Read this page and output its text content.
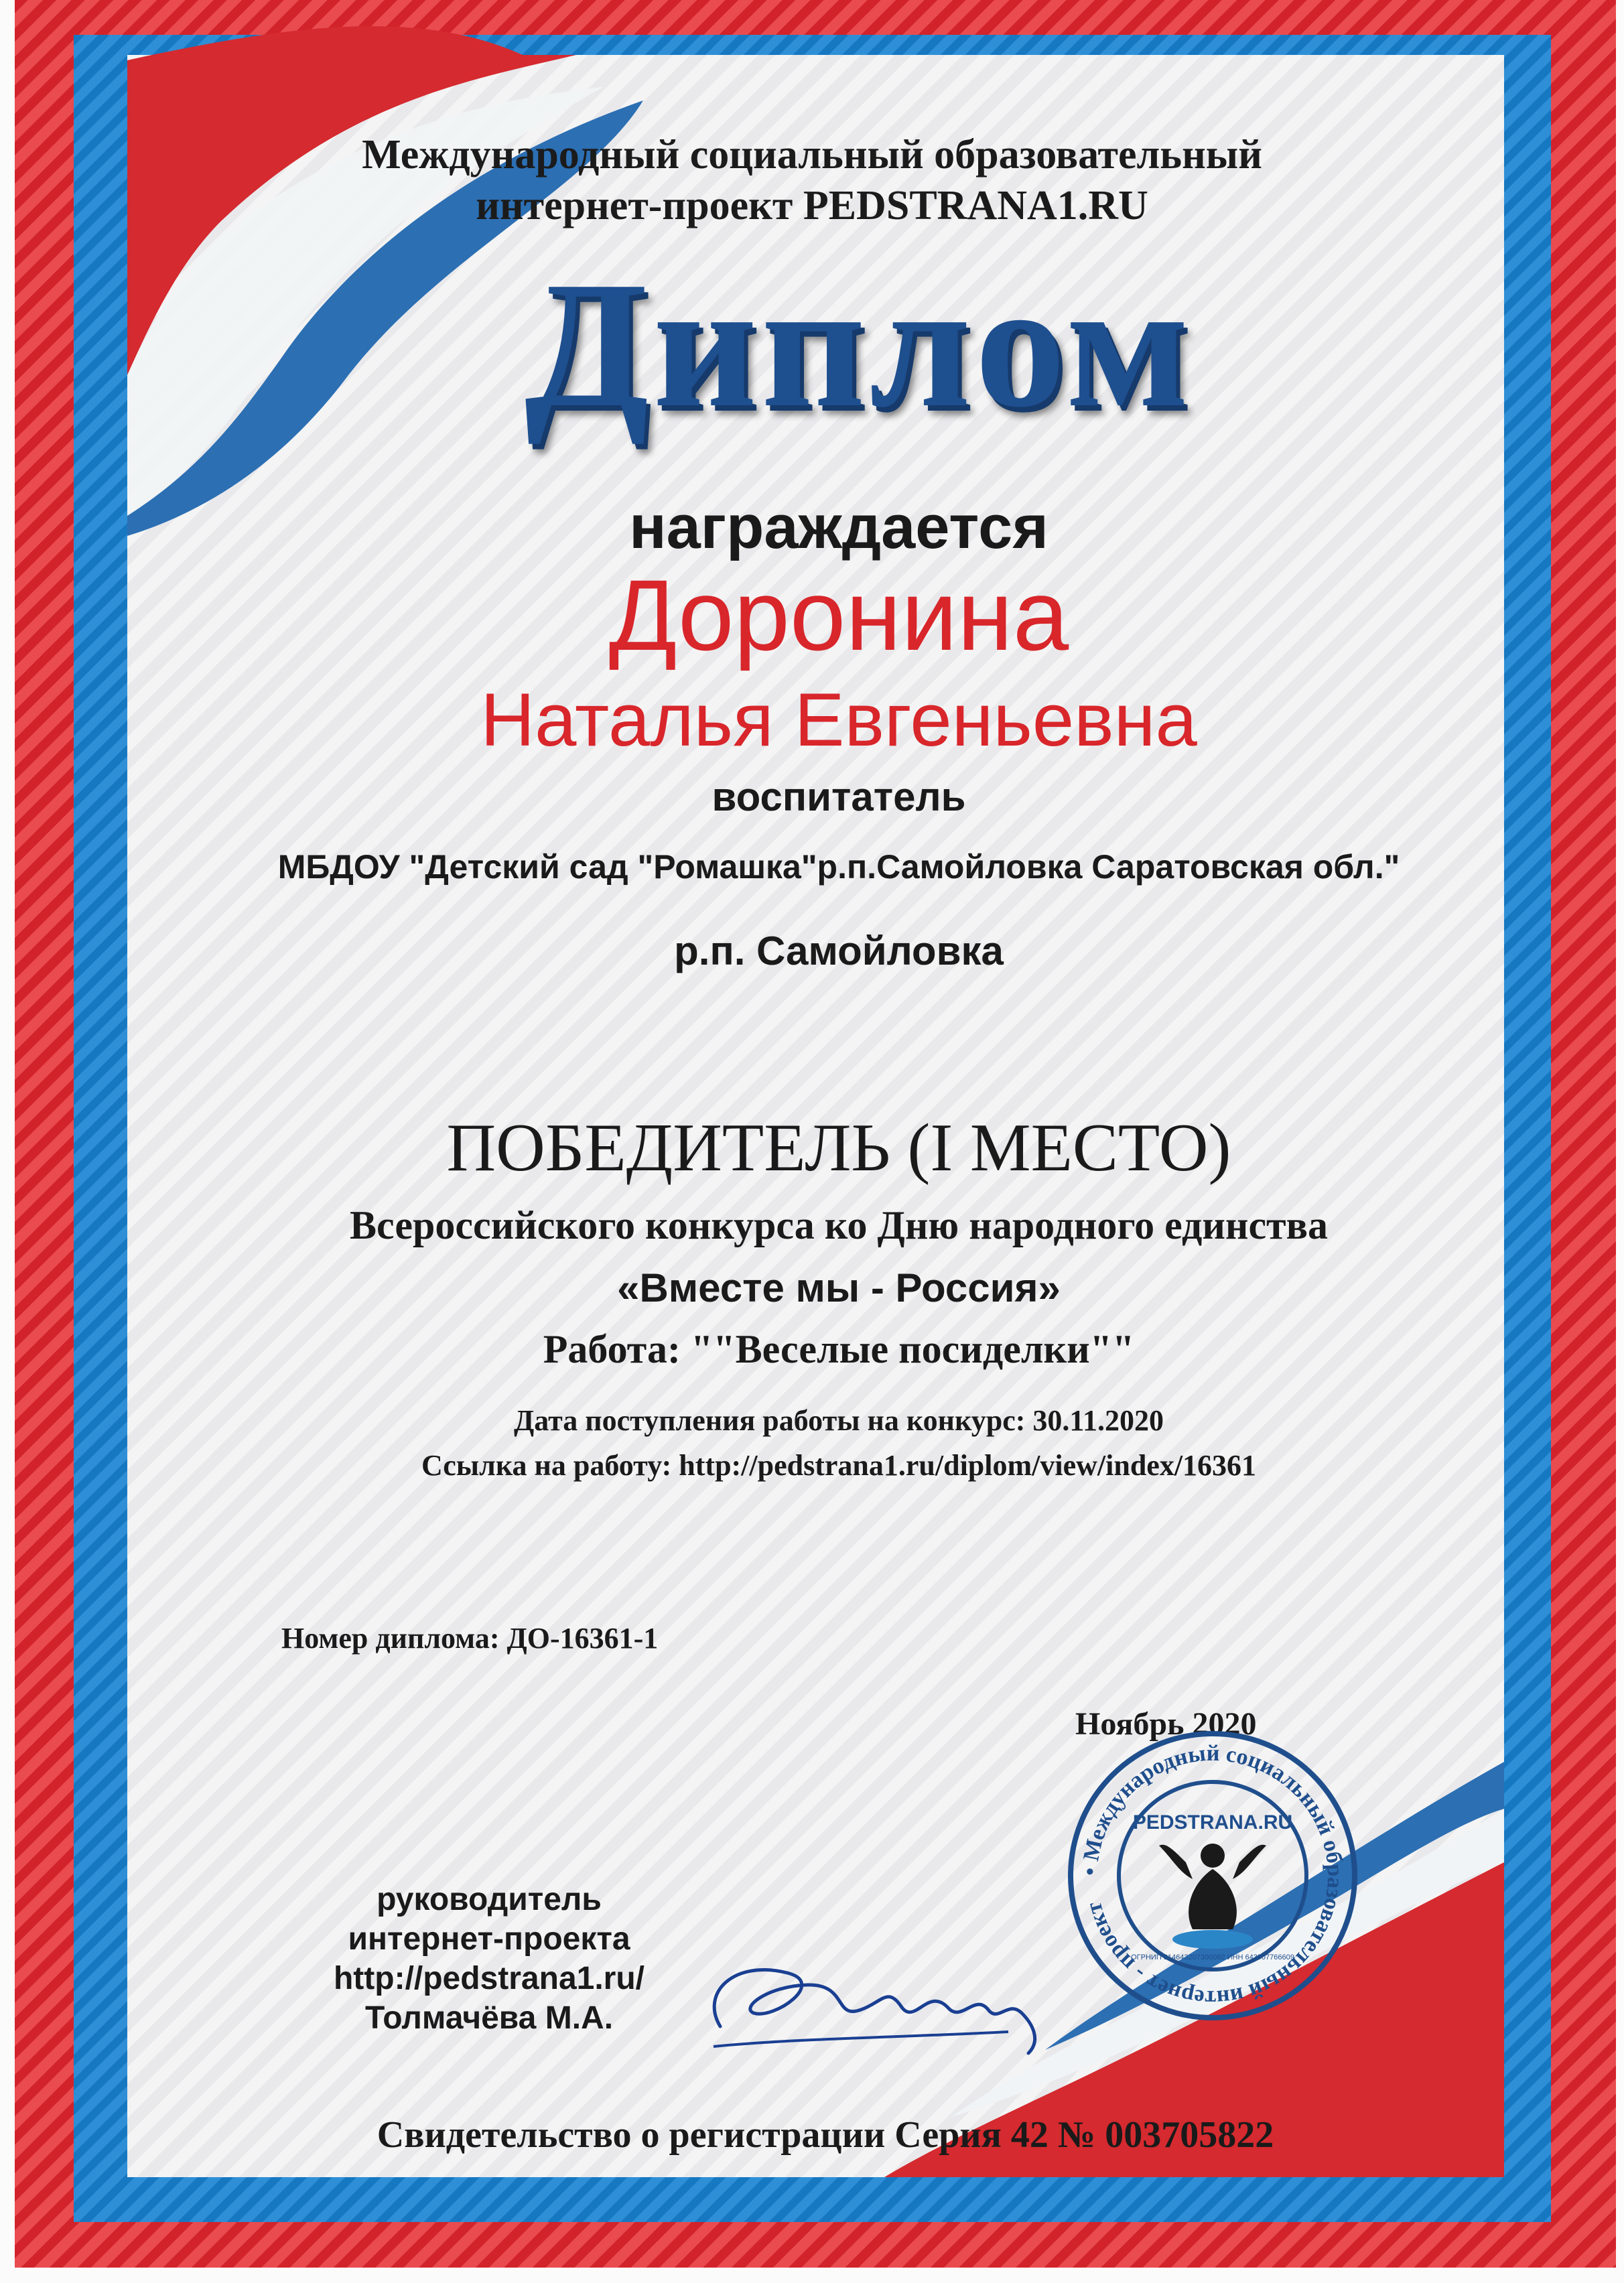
Международный социальный образовательный

интернет-проект PEDSTRANA1.RU

Диплом

награждается

Доронина

Наталья Евгеньевна

воспитатель

МБДОУ "Детский сад "Ромашка"р.п.Самойловка Саратовская обл."

р.п. Самойловка

ПОБЕДИТЕЛЬ (I МЕСТО)

Всероссийского конкурса ко Дню народного единства

«Вместе мы - Россия»

Работа: ""Веселые посиделки""

Дата поступления работы на конкурс: 30.11.2020

Ссылка на работу: http://pedstrana1.ru/diplom/view/index/16361

Номер диплома: ДО-16361-1

Ноябрь 2020

руководитель
интернет-проекта
http://pedstrana1.ru/
Толмачёва М.А.
• Международный социальный образовательный интернет - проект
PEDSTRANA.RU
ОГРНИП 314643207300062 ИНН 643907766609

Свидетельство о регистрации Серия 42 № 003705822
